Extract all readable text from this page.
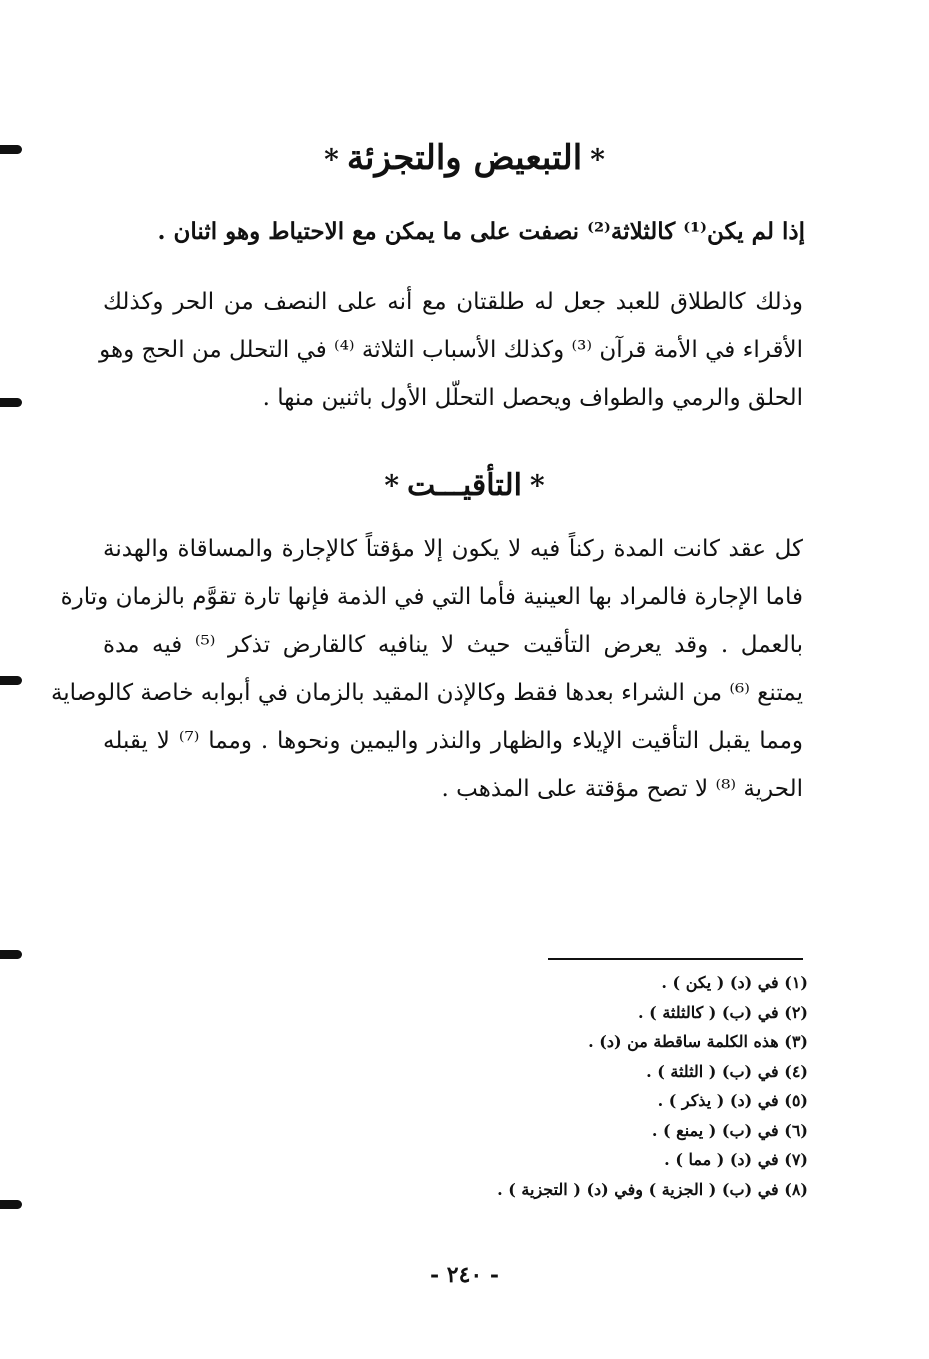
*التبعيض والتجزئة*
إذا لم يكن⁽¹⁾ كالثلاثة⁽²⁾ نصفت على ما يمكن مع الاحتياط وهو اثنان .

وذلك كالطلاق للعبد جعل له طلقتان مع أنه على النصف من الحر وكذلك

الأقراء في الأمة قرآن ⁽³⁾ وكذلك الأسباب الثلاثة ⁽⁴⁾ في التحلل من الحج وهو

الحلق والرمي والطواف ويحصل التحلّل الأول باثنين منها .

*التأقيـــت*

كل عقد كانت المدة ركناً فيه لا يكون إلا مؤقتاً كالإجارة والمساقاة والهدنة

فاما الإجارة فالمراد بها العينية فأما التي في الذمة فإنها تارة تقوَّم بالزمان وتارة

بالعمل . وقد يعرض التأقيت حيث لا ينافيه كالقارض تذكر ⁽⁵⁾ فيه مدة

يمتنع ⁽⁶⁾ من الشراء بعدها فقط وكالإذن المقيد بالزمان في أبوابه خاصة كالوصاية

ومما يقبل التأقيت الإيلاء والظهار والنذر واليمين ونحوها . ومما ⁽⁷⁾ لا يقبله

الحرية ⁽⁸⁾ لا تصح مؤقتة على المذهب .

(١) في (د) ( يكن ) .
(٢) في (ب) ( كالثلثة ) .
(٣) هذه الكلمة ساقطة من (د) .
(٤) في (ب) ( الثلثة ) .
(٥) في (د) ( يذكر ) .
(٦) في (ب) ( يمنع ) .
(٧) في (د) ( مما ) .
(٨) في (ب) ( الجزية ) وفي (د) ( التجزية ) .
- ٢٤٠ -
